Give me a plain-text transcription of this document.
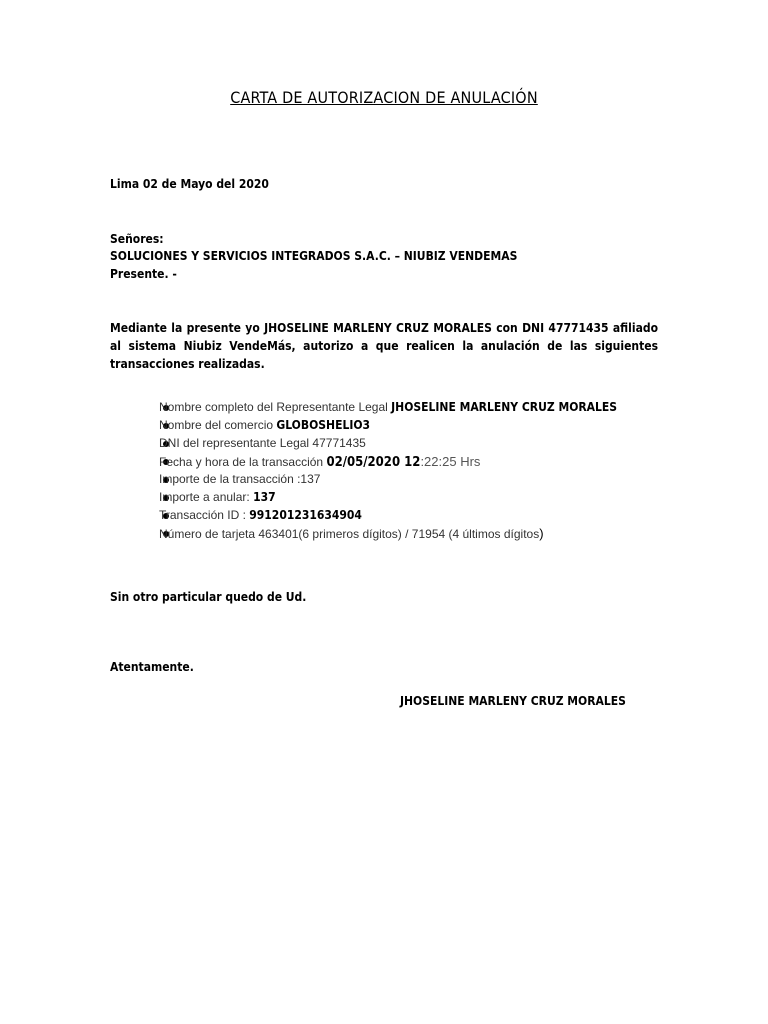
CARTA DE AUTORIZACION DE ANULACIÓN
Lima 02 de Mayo del 2020
Señores:
SOLUCIONES Y SERVICIOS INTEGRADOS S.A.C. – NIUBIZ VENDEMAS
Presente. -
Mediante la presente yo JHOSELINE MARLENY CRUZ MORALES con DNI 47771435 afiliado al sistema Niubiz VendeMás, autorizo a que realicen la anulación de las siguientes transacciones realizadas.
Nombre completo del Representante Legal JHOSELINE MARLENY CRUZ MORALES
Nombre del comercio GLOBOSHELIO3
DNI del representante Legal 47771435
Fecha y hora de la transacción 02/05/2020 12:22:25 Hrs
Importe de la transacción :137
Importe a anular: 137
Transacción ID : 991201231634904
Número de tarjeta 463401(6 primeros dígitos) / 71954 (4 últimos dígitos)
Sin otro particular quedo de Ud.
Atentamente.
JHOSELINE MARLENY CRUZ MORALES
